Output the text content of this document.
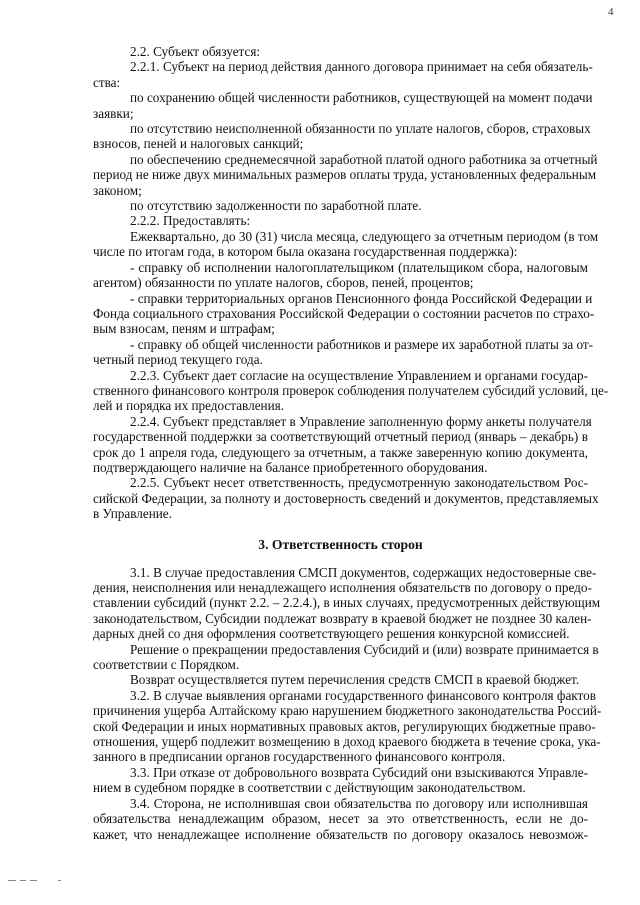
4
2.2. Субъект обязуется:
2.2.1. Субъект на период действия данного договора принимает на себя обязатель-
ства:
по сохранению общей численности работников, существующей на момент подачи
заявки;
по отсутствию неисполненной обязанности по уплате налогов, сборов, страховых
взносов, пеней и налоговых санкций;
по обеспечению среднемесячной заработной платой одного работника за отчетный
период не ниже двух минимальных размеров оплаты труда, установленных федеральным
законом;
по отсутствию задолженности по заработной плате.
2.2.2. Предоставлять:
Ежеквартально, до 30 (31) числа месяца, следующего за отчетным периодом (в том
числе по итогам года, в котором была оказана государственная поддержка):
- справку об исполнении налогоплательщиком (плательщиком сбора, налоговым
агентом) обязанности по уплате налогов, сборов, пеней, процентов;
- справки территориальных органов Пенсионного фонда Российской Федерации и
Фонда социального страхования Российской Федерации о состоянии расчетов по страхо-
вым взносам, пеням и штрафам;
- справку об общей численности работников и размере их заработной платы за от-
четный период текущего года.
2.2.3. Субъект дает согласие на осуществление Управлением и органами государ-
ственного финансового контроля проверок соблюдения получателем субсидий условий, це-
лей и порядка их предоставления.
2.2.4. Субъект представляет в Управление заполненную форму анкеты получателя
государственной поддержки за соответствующий отчетный период (январь – декабрь) в
срок до 1 апреля года, следующего за отчетным, а также заверенную копию документа,
подтверждающего наличие на балансе приобретенного оборудования.
2.2.5. Субъект несет ответственность, предусмотренную законодательством Рос-
сийской Федерации, за полноту и достоверность сведений и документов, представляемых
в Управление.
3. Ответственность сторон
3.1. В случае предоставления СМСП документов, содержащих недостоверные све-
дения, неисполнения или ненадлежащего исполнения обязательств по договору о предо-
ставлении субсидий (пункт 2.2. – 2.2.4.), в иных случаях, предусмотренных действующим
законодательством, Субсидии подлежат возврату в краевой бюджет не позднее 30 кален-
дарных дней со дня оформления соответствующего решения конкурсной комиссией.
Решение о прекращении предоставления Субсидий и (или) возврате принимается в
соответствии с Порядком.
Возврат осуществляется путем перечисления средств СМСП в краевой бюджет.
3.2. В случае выявления органами государственного финансового контроля фактов
причинения ущерба Алтайскому краю нарушением бюджетного законодательства Россий-
ской Федерации и иных нормативных правовых актов, регулирующих бюджетные право-
отношения, ущерб подлежит возмещению в доход краевого бюджета в течение срока, ука-
занного в предписании органов государственного финансового контроля.
3.3. При отказе от добровольного возврата Субсидий они взыскиваются Управле-
нием в судебном порядке в соответствии с действующим законодательством.
3.4. Сторона, не исполнившая свои обязательства по договору или исполнившая
обязательства ненадлежащим образом, несет за это ответственность, если не до-
кажет, что ненадлежащее исполнение обязательств по договору оказалось невозмож-
